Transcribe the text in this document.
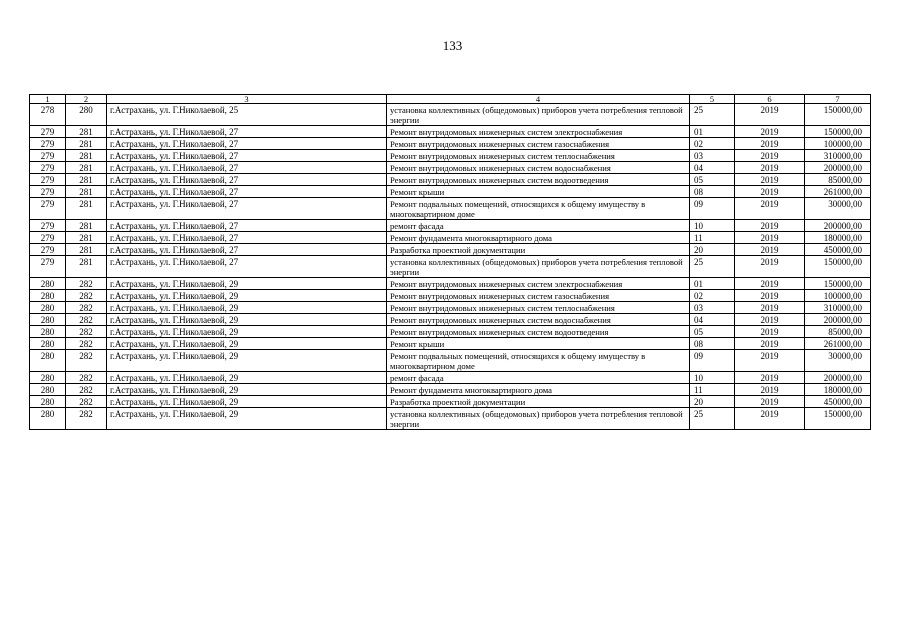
133
1	2	3	4	5	6	7
278	280	г.Астрахань, ул. Г.Николаевой, 25	установка коллективных (общедомовых) приборов учета потребления тепловой энергии	25	2019	150000,00
279	281	г.Астрахань, ул. Г.Николаевой, 27	Ремонт внутридомовых инженерных систем электроснабжения	01	2019	150000,00
279	281	г.Астрахань, ул. Г.Николаевой, 27	Ремонт внутридомовых инженерных систем газоснабжения	02	2019	100000,00
279	281	г.Астрахань, ул. Г.Николаевой, 27	Ремонт внутридомовых инженерных систем теплоснабжения	03	2019	310000,00
279	281	г.Астрахань, ул. Г.Николаевой, 27	Ремонт внутридомовых инженерных систем водоснабжения	04	2019	200000,00
279	281	г.Астрахань, ул. Г.Николаевой, 27	Ремонт внутридомовых инженерных систем водоотведения	05	2019	85000,00
279	281	г.Астрахань, ул. Г.Николаевой, 27	Ремонт крыши	08	2019	261000,00
279	281	г.Астрахань, ул. Г.Николаевой, 27	Ремонт подвальных помещений, относящихся к общему имуществу в многоквартирном доме	09	2019	30000,00
279	281	г.Астрахань, ул. Г.Николаевой, 27	ремонт фасада	10	2019	200000,00
279	281	г.Астрахань, ул. Г.Николаевой, 27	Ремонт фундамента многоквартирного дома	11	2019	180000,00
279	281	г.Астрахань, ул. Г.Николаевой, 27	Разработка проектной документации	20	2019	450000,00
279	281	г.Астрахань, ул. Г.Николаевой, 27	установка коллективных (общедомовых) приборов учета потребления тепловой энергии	25	2019	150000,00
280	282	г.Астрахань, ул. Г.Николаевой, 29	Ремонт внутридомовых инженерных систем электроснабжения	01	2019	150000,00
280	282	г.Астрахань, ул. Г.Николаевой, 29	Ремонт внутридомовых инженерных систем газоснабжения	02	2019	100000,00
280	282	г.Астрахань, ул. Г.Николаевой, 29	Ремонт внутридомовых инженерных систем теплоснабжения	03	2019	310000,00
280	282	г.Астрахань, ул. Г.Николаевой, 29	Ремонт внутридомовых инженерных систем водоснабжения	04	2019	200000,00
280	282	г.Астрахань, ул. Г.Николаевой, 29	Ремонт внутридомовых инженерных систем водоотведения	05	2019	85000,00
280	282	г.Астрахань, ул. Г.Николаевой, 29	Ремонт крыши	08	2019	261000,00
280	282	г.Астрахань, ул. Г.Николаевой, 29	Ремонт подвальных помещений, относящихся к общему имуществу в многоквартирном доме	09	2019	30000,00
280	282	г.Астрахань, ул. Г.Николаевой, 29	ремонт фасада	10	2019	200000,00
280	282	г.Астрахань, ул. Г.Николаевой, 29	Ремонт фундамента многоквартирного дома	11	2019	180000,00
280	282	г.Астрахань, ул. Г.Николаевой, 29	Разработка проектной документации	20	2019	450000,00
280	282	г.Астрахань, ул. Г.Николаевой, 29	установка коллективных (общедомовых) приборов учета потребления тепловой энергии	25	2019	150000,00
